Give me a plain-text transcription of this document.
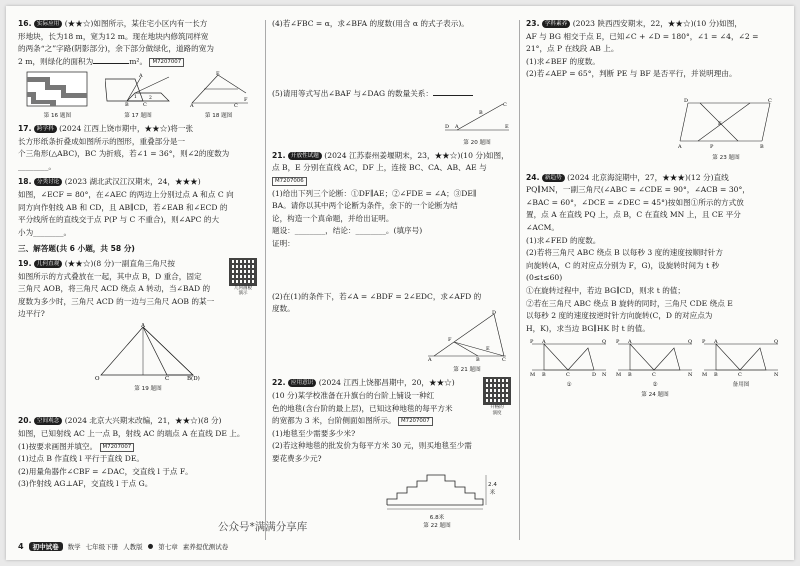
16. 实际应用 (★★☆)如图所示，某住宅小区内有一长方
形地块，长为18 m，宽为12 m。现在地块内修筑同样宽
的两条“之”字路(阴影部分)，余下部分做绿化，道路的宽为
2 m，则绿化的面积为	m²。 M7207007
第 16 题图
B	C
A
1	2
第 17 题图
E
F
A	C
第 18 题图
17. 跨学科 (2024 江西上饶市期中，★★☆)将一张
长方形纸条折叠成如图所示的图形，重叠部分是一
个三角形(△ABC)，BC 为折痕，若∠1 = 36°，则∠2的度数为
________。
18. 分类讨论 (2023 湖北武汉江汉期末，24，★★★)
如图，∠ECF = 80°，在∠AEC 的两边上分别过点 A 和点 C 向
同方向作射线 AB 和 CD，且 AB∥CD，若∠EAB 和∠ECD 的
平分线所在的直线交于点 P(P 与 C 不重合)，则∠APC 的大
小为________。
三、解答题(共 6 小题，共 58 分)
几何画板
演示
19. 几何直观 (★★☆)(8 分)一副直角三角尺按
如图所示的方式叠放在一起，其中点 B，D 重合，固定
三角尺 AOB，将三角尺 ACD 绕点 A 转动，当∠BAD 的
度数为多少时，三角尺 ACD 的一边与三角尺 AOB 的某一
边平行?
A
O	C	B(D)
第 19 题图
20. 空间观念 (2024 北京大兴期末改编，21，★★☆)(8 分)
如图，已知射线 AC 上一点 B，射线 AC 的端点 A 在直线 DE 上。
(1)按要求画图并填空。 M7207007
(1)过点 B 作直线 l 平行于直线 DE。
(2)用量角器作∠CBF = ∠DAC，交直线 l 于点 F。
(3)作射线 AG⊥AF，交直线 l 于点 G。
(4)若∠FBC = α，求∠BFA 的度数(用含 α 的式子表示)。
(5)请用等式写出∠BAF 与∠DAG 的数量关系：
D A	E
B
C
第 20 题图
21. 开放性试题 (2024 江苏泰州姜堰期末，23，★★☆)(10 分)如图，点 B，E 分别在直线 AC，DF 上，连接 BC、CA、AB、AE 与 M7207006
(1)给出下列三个论断：①DF∥AE；②∠FDE = ∠A；③DE∥
BA。请你以其中两个论断为条件，余下的一个论断为结
论，构造一个真命题，并给出证明。
题设：________，结论：________。(填序号)
证明：
(2)在(1)的条件下，若∠A = ∠BDF = 2∠EDC，求∠AFD 的
度数。
A	B	C
F
D
E
第 21 题图
升格的
演度
22. 应用意识 (2024 江西上饶都昌期中，20，★★☆)
(10 分)某学校准备在升旗台的台阶上铺设一种红
色的地毯(含台阶的最上层)，已知这种地毯的每平方米
的宽都为 3 米，台阶侧面如图所示。 M7207007
(1)地毯至少需要多少米?
(2)若这种地毯的批发价为每平方米 30 元，则买地毯至少需
要花费多少元?
2.4米
6.8米
第 22 题图
23. 学科素养 (2023 陕西西安期末，22，★★☆)(10 分)如图，
AF 与 BG 相交于点 E，已知∠C + ∠D = 180°，∠1 = ∠4，∠2 =
21°，点 P 在线段 AB 上。
(1)求∠BEF 的度数。
(2)若∠AEP = 65°，判断 PE 与 BF 是否平行，并说明理由。
D	C
A	P	B
E
第 23 题图
24. 新趋势 (2024 北京海淀期中，27，★★★)(12 分)直线
PQ∥MN，一副三角尺(∠ABC = ∠CDE = 90°，∠ACB = 30°，
∠BAC = 60°，∠DCE = ∠DEC = 45°)按如图①所示的方式放
置，点 A 在直线 PQ 上，点 B，C 在直线 MN 上，且 CE 平分
∠ACM。
(1)求∠FED 的度数。
(2)若将三角尺 ABC 绕点 B 以每秒 3 度的速度按顺时针方
向旋转(A，C 的对应点分别为 F，G)，设旋转时间为 t 秒
(0≤t≤60)
①在旋转过程中，若边 BG∥CD，则求 t 的值；
②若在三角尺 ABC 绕点 B 旋转的同时，三角尺 CDE 绕点 E
以每秒 2 度的速度按逆时针方向旋转(C，D 的对应点为
H，K)，求当边 BG∥HK 时 t 的值。
P A	Q
M B	C	D N
①
P A	Q
M B	C	N
②
P A	Q
M B	C	N
备用图
第 24 题图
公众号*满满分享库
4	初中试卷	数学 七年级下册 人教版 ● 第七章 素养提优测试卷
